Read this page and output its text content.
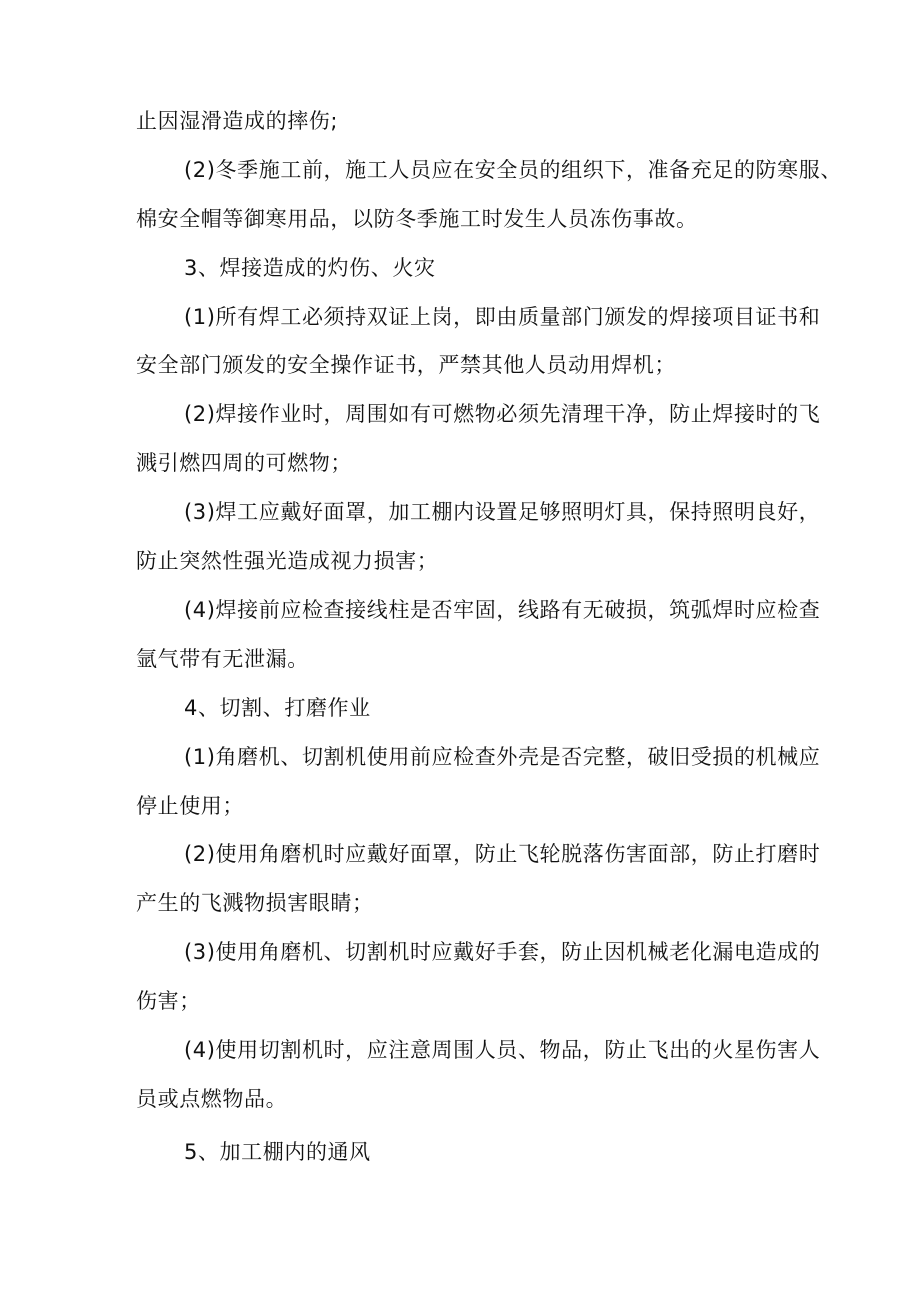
止因湿滑造成的摔伤;
(2)冬季施工前，施工人员应在安全员的组织下，准备充足的防寒服、
棉安全帽等御寒用品，以防冬季施工时发生人员冻伤事故。
3、焊接造成的灼伤、火灾
(1)所有焊工必须持双证上岗，即由质量部门颁发的焊接项目证书和
安全部门颁发的安全操作证书，严禁其他人员动用焊机；
(2)焊接作业时，周围如有可燃物必须先清理干净，防止焊接时的飞
溅引燃四周的可燃物；
(3)焊工应戴好面罩，加工棚内设置足够照明灯具，保持照明良好，
防止突然性强光造成视力损害；
(4)焊接前应检查接线柱是否牢固，线路有无破损，筑弧焊时应检查
氩气带有无泄漏。
4、切割、打磨作业
(1)角磨机、切割机使用前应检查外壳是否完整，破旧受损的机械应
停止使用；
(2)使用角磨机时应戴好面罩，防止飞轮脱落伤害面部，防止打磨时
产生的飞溅物损害眼睛；
(3)使用角磨机、切割机时应戴好手套，防止因机械老化漏电造成的
伤害；
(4)使用切割机时，应注意周围人员、物品，防止飞出的火星伤害人
员或点燃物品。
5、加工棚内的通风
